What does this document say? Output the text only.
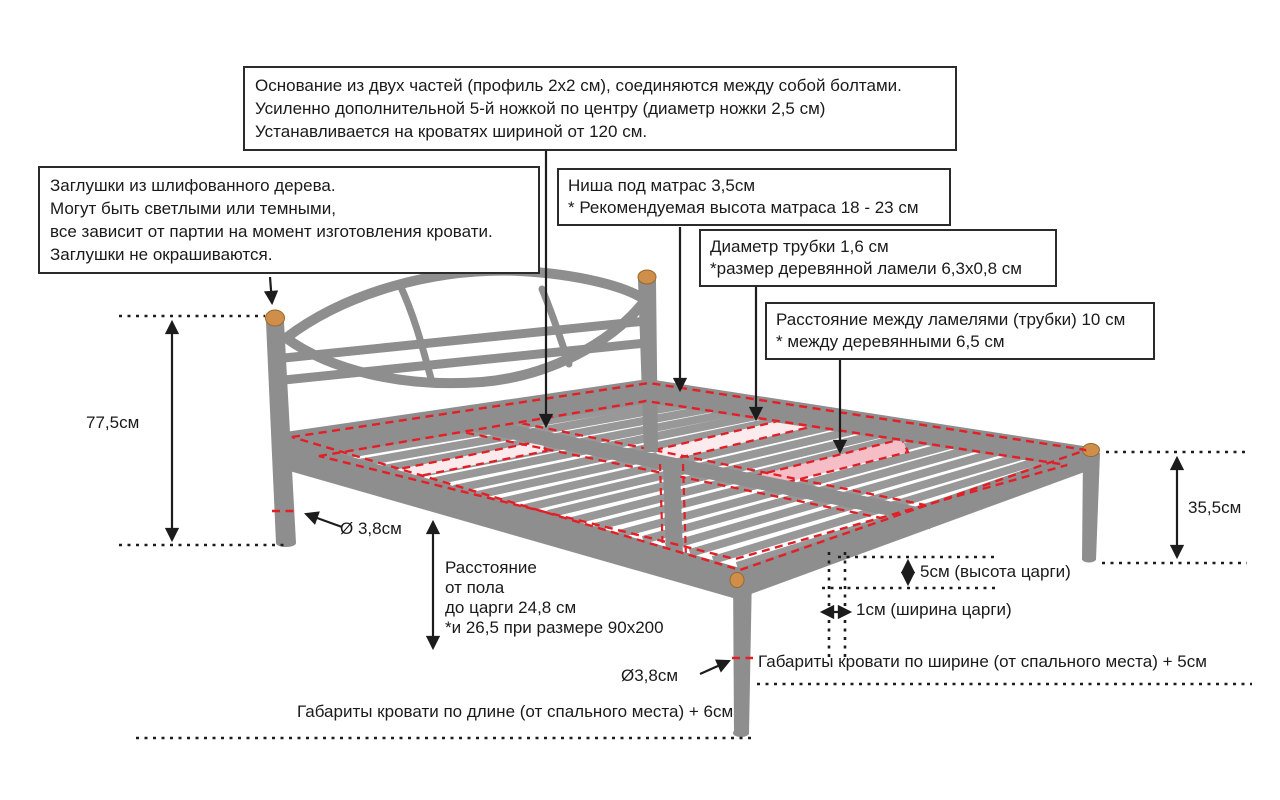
Основание из двух частей (профиль 2х2 см), соединяются между собой болтами.
Усиленно дополнительной 5-й ножкой по центру (диаметр ножки 2,5 см)
Устанавливается на кроватях шириной от 120 см.
Заглушки из шлифованного дерева.
Могут быть светлыми или темными,
все зависит от партии на момент изготовления кровати.
Заглушки не окрашиваются.
Ниша под матрас 3,5см
* Рекомендуемая высота матраса 18 - 23 см
Диаметр трубки 1,6 см
*размер деревянной ламели 6,3х0,8 см
Расстояние между ламелями (трубки) 10 см
* между деревянными 6,5 см
77,5см
Ø 3,8см
Расстояние
от пола
до царги 24,8 см
*и 26,5 при размере 90х200
35,5см
5см (высота царги)
1см (ширина царги)
Ø3,8см
Габариты кровати по ширине (от спального места) + 5см
Габариты кровати по длине (от спального места) + 6см
